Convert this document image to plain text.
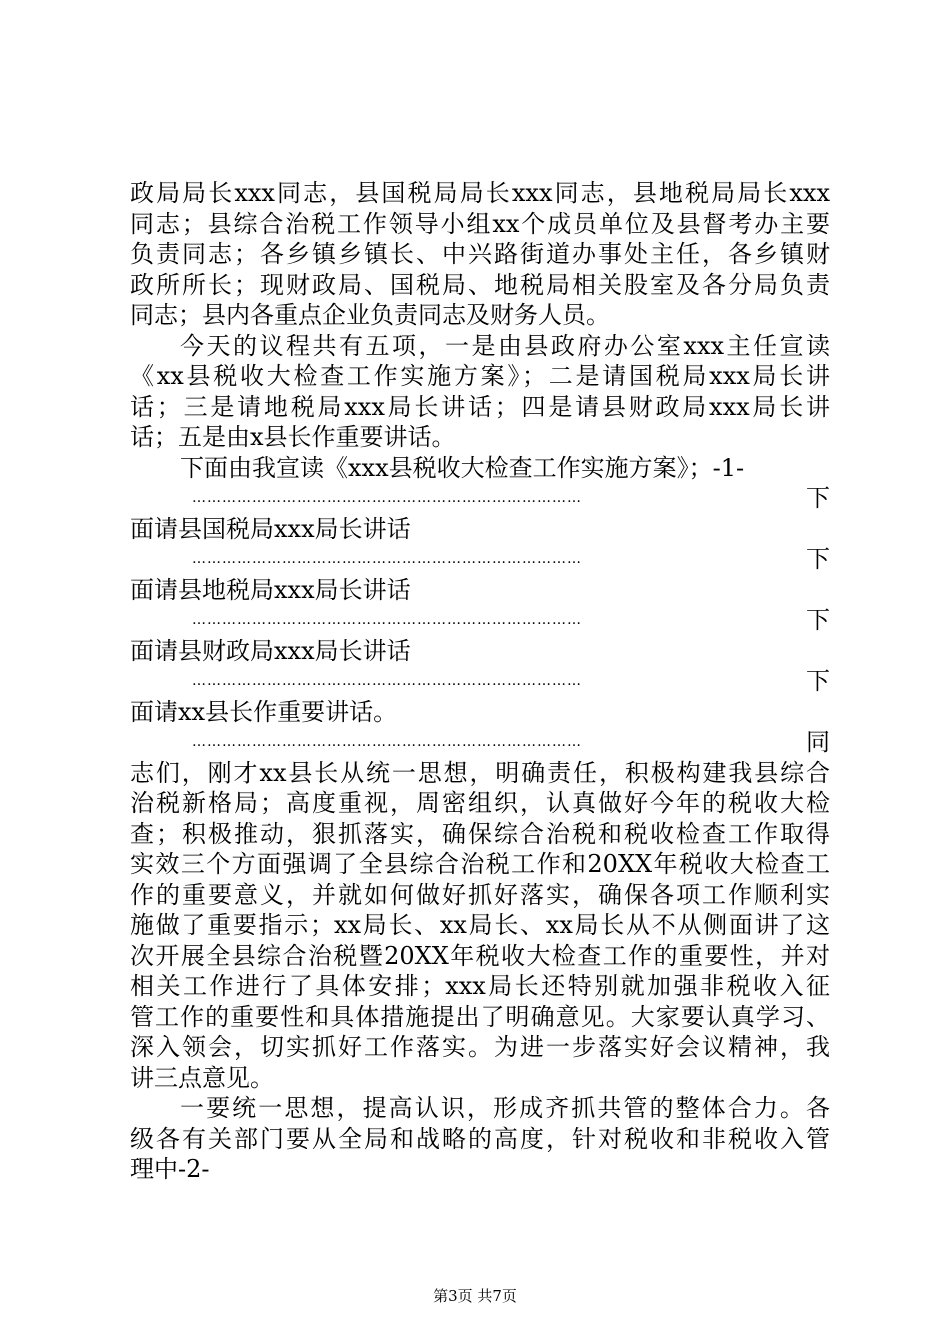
政局局长xxx同志，县国税局局长xxx同志，县地税局局长xxx
同志；县综合治税工作领导小组xx个成员单位及县督考办主要
负责同志；各乡镇乡镇长、中兴路街道办事处主任，各乡镇财
政所所长；现财政局、国税局、地税局相关股室及各分局负责
同志；县内各重点企业负责同志及财务人员。
今天的议程共有五项，一是由县政府办公室xxx主任宣读
《xx县税收大检查工作实施方案》；二是请国税局xxx局长讲
话；三是请地税局xxx局长讲话；四是请县财政局xxx局长讲
话；五是由x县长作重要讲话。
下面由我宣读《xxx县税收大检查工作实施方案》；-1-
……………………………………………………………………	下
面请县国税局xxx局长讲话
……………………………………………………………………	下
面请县地税局xxx局长讲话
……………………………………………………………………	下
面请县财政局xxx局长讲话
……………………………………………………………………	下
面请xx县长作重要讲话。
……………………………………………………………………	同
志们，刚才xx县长从统一思想，明确责任，积极构建我县综合
治税新格局；高度重视，周密组织，认真做好今年的税收大检
查；积极推动，狠抓落实，确保综合治税和税收检查工作取得
实效三个方面强调了全县综合治税工作和20XX年税收大检查工
作的重要意义，并就如何做好抓好落实，确保各项工作顺利实
施做了重要指示；xx局长、xx局长、xx局长从不从侧面讲了这
次开展全县综合治税暨20XX年税收大检查工作的重要性，并对
相关工作进行了具体安排；xxx局长还特别就加强非税收入征
管工作的重要性和具体措施提出了明确意见。大家要认真学习、
深入领会，切实抓好工作落实。为进一步落实好会议精神，我
讲三点意见。
一要统一思想，提高认识，形成齐抓共管的整体合力。各
级各有关部门要从全局和战略的高度，针对税收和非税收入管
理中-2-
第3页 共7页
